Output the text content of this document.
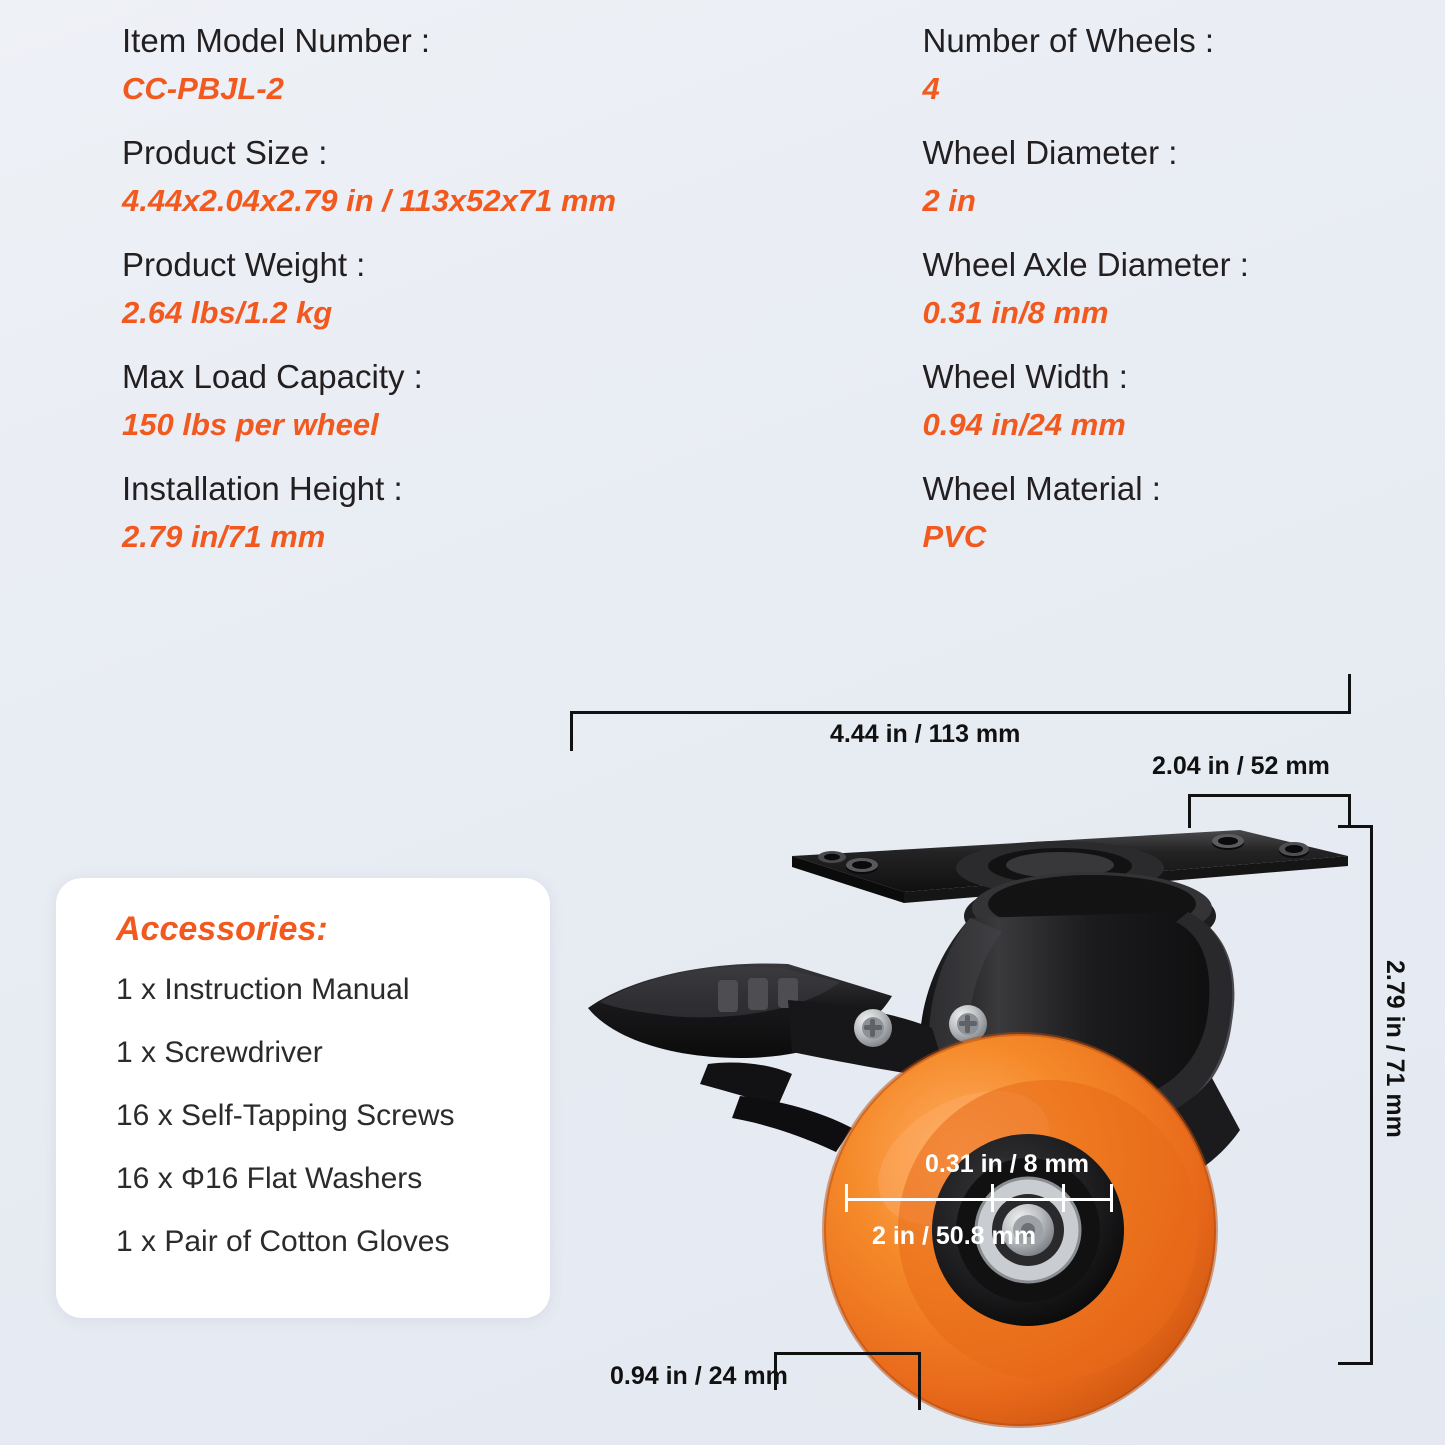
Item Model Number :
CC-PBJL-2
Product Size :
4.44x2.04x2.79 in / 113x52x71 mm
Product Weight :
2.64 lbs/1.2 kg
Max Load Capacity :
150 lbs per wheel
Installation Height :
2.79 in/71 mm
Number of Wheels :
4
Wheel Diameter :
2 in
Wheel Axle Diameter :
0.31 in/8 mm
Wheel Width :
0.94 in/24 mm
Wheel Material :
PVC
Accessories:
1 x Instruction Manual
1 x Screwdriver
16 x Self-Tapping Screws
16 x Φ16 Flat Washers
1 x Pair of Cotton Gloves
4.44 in / 113 mm
2.04 in / 52 mm
2.79 in / 71 mm
0.31 in / 8 mm
2 in / 50.8 mm
0.94 in / 24 mm
